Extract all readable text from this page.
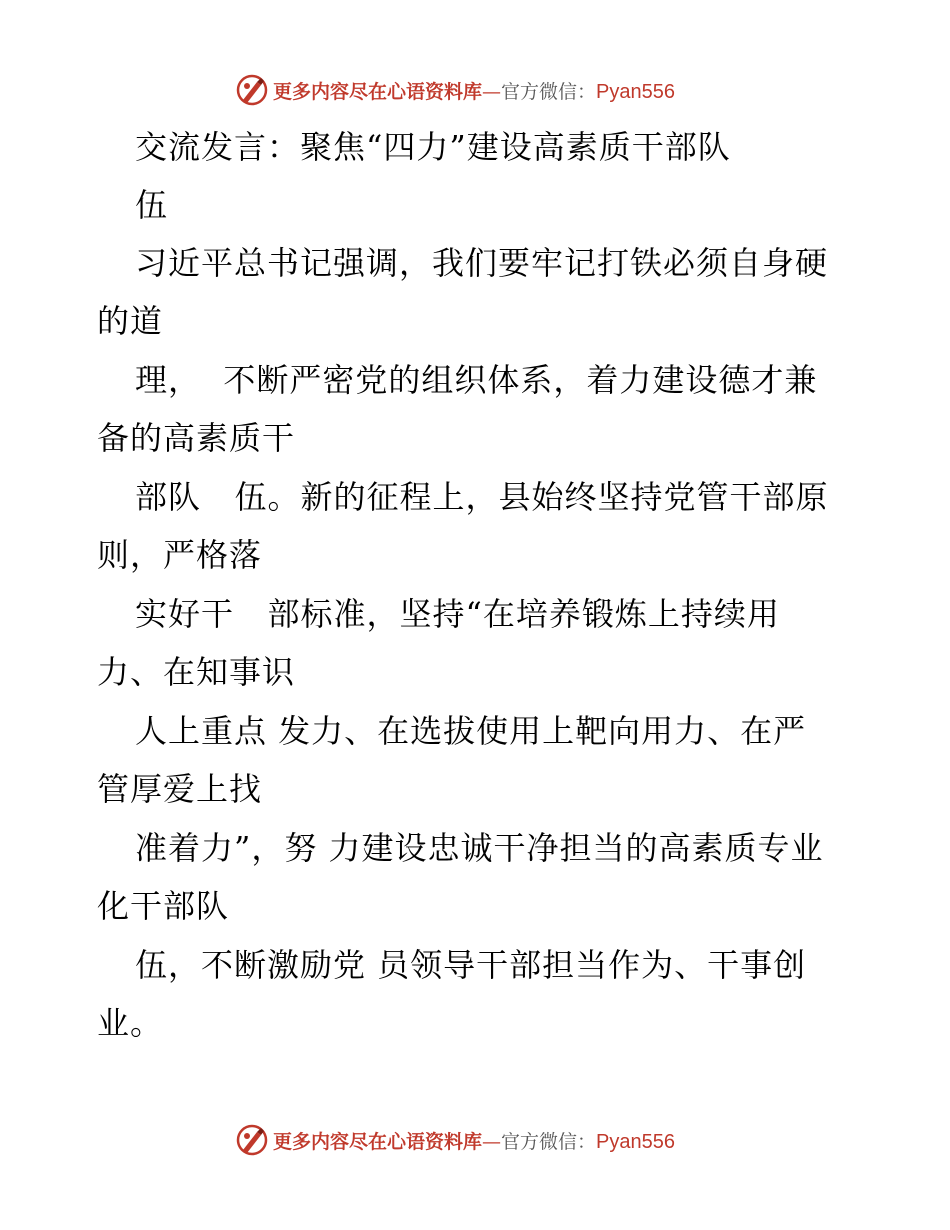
更多内容尽在心语资料库—官方微信：Pyan556
交流发言：聚焦“四力”建设高素质干部队
伍
习近平总书记强调，我们要牢记打铁必须自身硬
的道
理，  不断严密党的组织体系，着力建设德才兼
备的高素质干
部队   伍。新的征程上，县始终坚持党管干部原
则，严格落
实好干   部标准，坚持“在培养锻炼上持续用
力、在知事识
人上重点 发力、在选拔使用上靶向用力、在严
管厚爱上找
准着力”，努 力建设忠诚干净担当的高素质专业
化干部队
伍，不断激励党 员领导干部担当作为、干事创
业。
更多内容尽在心语资料库—官方微信：Pyan556
